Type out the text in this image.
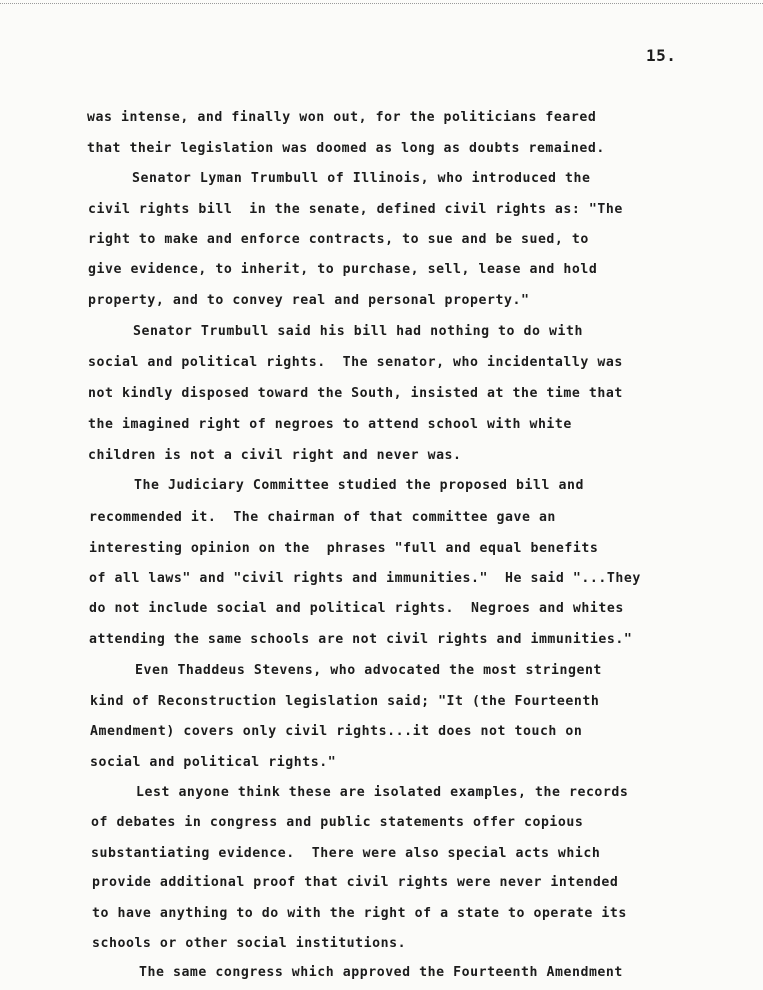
15.
was intense, and finally won out, for the politicians feared
that their legislation was doomed as long as doubts remained.
Senator Lyman Trumbull of Illinois, who introduced the
civil rights bill  in the senate, defined civil rights as: "The
right to make and enforce contracts, to sue and be sued, to
give evidence, to inherit, to purchase, sell, lease and hold
property, and to convey real and personal property."
Senator Trumbull said his bill had nothing to do with
social and political rights.  The senator, who incidentally was
not kindly disposed toward the South, insisted at the time that
the imagined right of negroes to attend school with white
children is not a civil right and never was.
The Judiciary Committee studied the proposed bill and
recommended it.  The chairman of that committee gave an
interesting opinion on the  phrases "full and equal benefits
of all laws" and "civil rights and immunities."  He said "...They
do not include social and political rights.  Negroes and whites
attending the same schools are not civil rights and immunities."
Even Thaddeus Stevens, who advocated the most stringent
kind of Reconstruction legislation said; "It (the Fourteenth
Amendment) covers only civil rights...it does not touch on
social and political rights."
Lest anyone think these are isolated examples, the records
of debates in congress and public statements offer copious
substantiating evidence.  There were also special acts which
provide additional proof that civil rights were never intended
to have anything to do with the right of a state to operate its
schools or other social institutions.
The same congress which approved the Fourteenth Amendment
